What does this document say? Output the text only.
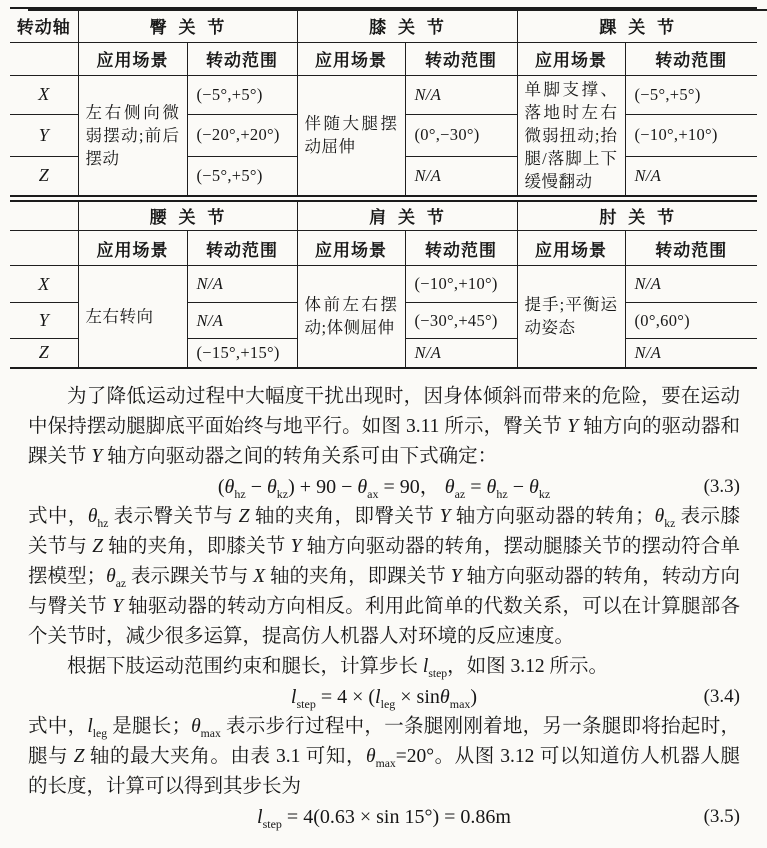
转动轴	臀关节		膝关节		踝关节	
	应用场景	转动范围	应用场景	转动范围	应用场景	转动范围
X	左右侧向微弱摆动;前后摆动	(−5°,+5°)	伴随大腿摆动屈伸	N/A	单脚支撑、落地时左右微弱扭动;抬腿/落脚上下缓慢翻动	(−5°,+5°)
Y		(−20°,+20°)		(0°,−30°)		(−10°,+10°)
Z		(−5°,+5°)		N/A		N/A
	腰关节		肩关节		肘关节	
	应用场景	转动范围	应用场景	转动范围	应用场景	转动范围
X	左右转向	N/A	体前左右摆动;体侧屈伸	(−10°,+10°)	提手;平衡运动姿态	N/A
Y		N/A		(−30°,+45°)		(0°,60°)
Z		(−15°,+15°)		N/A		N/A

为了降低运动过程中大幅度干扰出现时，因身体倾斜而带来的危险，要在运动中保持摆动腿脚底平面始终与地平行。如图 3.11 所示，臀关节 Y 轴方向的驱动器和踝关节 Y 轴方向驱动器之间的转角关系可由下式确定：

$(\theta_{hz} - \theta_{kz}) + 90 - \theta_{ax} = 90$， $\theta_{az} = \theta_{hz} - \theta_{kz}$	(3.3)

式中，$\theta_{hz}$ 表示臀关节与 Z 轴的夹角，即臀关节 Y 轴方向驱动器的转角；$\theta_{kz}$ 表示膝关节与 Z 轴的夹角，即膝关节 Y 轴方向驱动器的转角，摆动腿膝关节的摆动符合单摆模型；$\theta_{az}$ 表示踝关节与 X 轴的夹角，即踝关节 Y 轴方向驱动器的转角，转动方向与臀关节 Y 轴驱动器的转动方向相反。利用此简单的代数关系，可以在计算腿部各个关节时，减少很多运算，提高仿人机器人对环境的反应速度。

根据下肢运动范围约束和腿长，计算步长 $l_{step}$，如图 3.12 所示。

$l_{step} = 4 \times (l_{leg} \times \sin\theta_{max})$	(3.4)

式中，$l_{leg}$ 是腿长；$\theta_{max}$ 表示步行过程中，一条腿刚刚着地，另一条腿即将抬起时，腿与 Z 轴的最大夹角。由表 3.1 可知，$\theta_{max}=20^\circ$。从图 3.12 可以知道仿人机器人腿的长度，计算可以得到其步长为

$l_{step} = 4(0.63 \times \sin 15^\circ) = 0.86m$	(3.5)
